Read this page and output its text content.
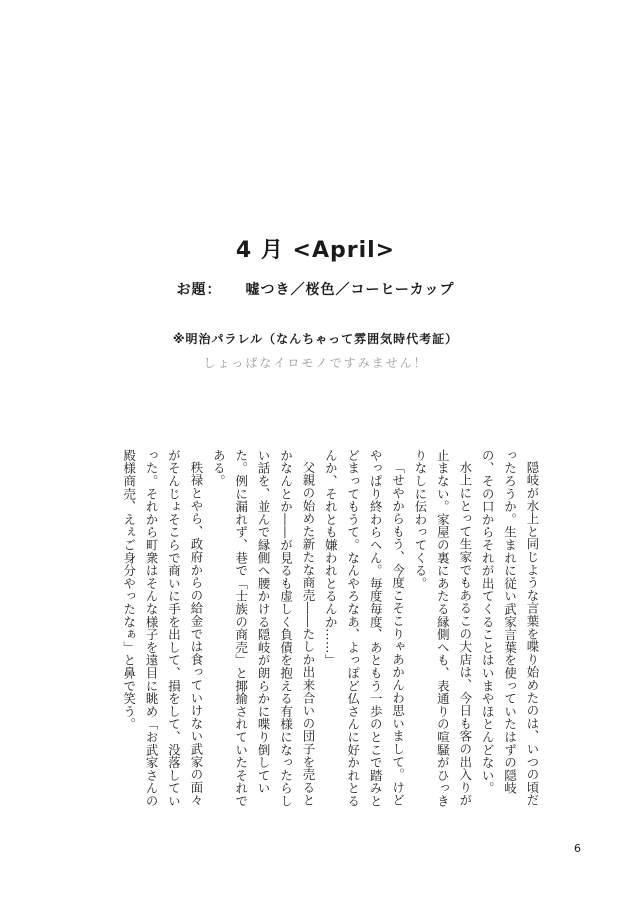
4 月 <April>
お題： 嘘つき／桜色／コーヒーカップ
※明治パラレル（なんちゃって雰囲気時代考証）
しょっぱなイロモノですみません！

隠岐が水上と同じような言葉を喋り始めたのは、いつの頃だったろうか。生まれに従い武家言葉を使っていたはずの隠岐の、その口からそれが出てくることはいまやほとんどない。

水上にとって生家でもあるこの大店は、今日も客の出入りが止まない。家屋の裏にあたる縁側へも、表通りの喧騒がひっきりなしに伝わってくる。

「せやからもう、今度こそこりゃあかんわ思いまして。けどやっぱり終わらへん。毎度毎度、あともう一歩のとこで踏みとどまってもうて。なんやろなあ、よっぽど仏さんに好かれとるんか、それとも嫌われとるんか……」

父親の始めた新たな商売――たしか出来合いの団子を売るとかなんとか――が見るも虚しく負債を抱える有様になったらしい話を、並んで縁側へ腰かける隠岐が朗らかに喋り倒していた。例に漏れず、巷で「士族の商売」と揶揄されていたそれである。

秩禄とやら、政府からの給金では食っていけない武家の面々がそんじょそこらで商いに手を出して、損をして、没落していった。それから町衆はそんな様子を遠目に眺め「お武家さんの殿様商売、えぇご身分やったなぁ」と鼻で笑う。

6
